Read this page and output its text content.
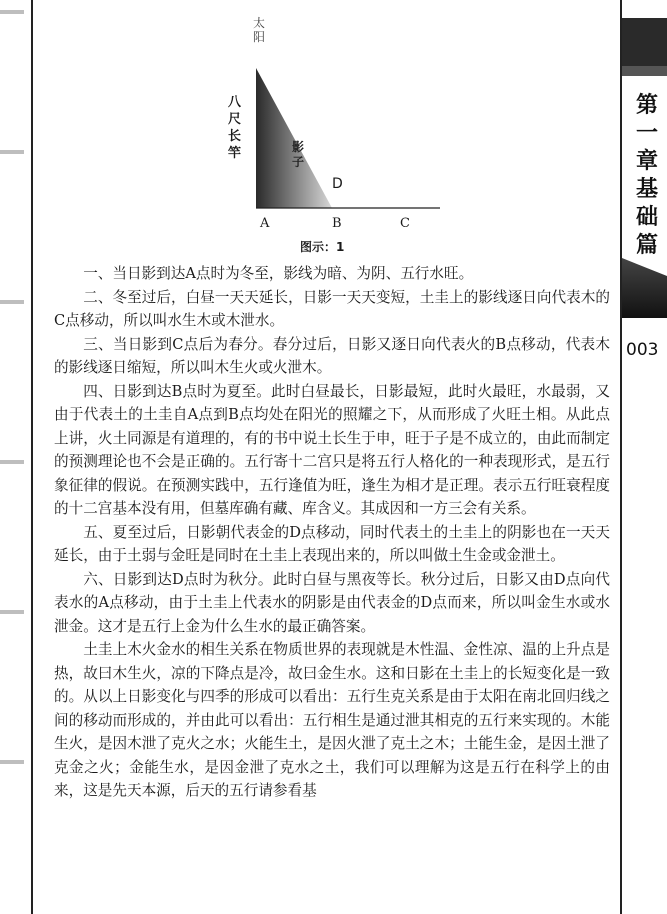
第一章 基础篇
003
太阳
八尺长竿	影子
D
A	B	C
图示：1

一、当日影到达A点时为冬至，影线为暗、为阴、五行水旺。

二、冬至过后，白昼一天天延长，日影一天天变短，土圭上的影线逐日向代表木的C点移动，所以叫水生木或木泄水。

三、当日影到C点后为春分。春分过后，日影又逐日向代表火的B点移动，代表木的影线逐日缩短，所以叫木生火或火泄木。

四、日影到达B点时为夏至。此时白昼最长，日影最短，此时火最旺，水最弱，又由于代表土的土圭自A点到B点均处在阳光的照耀之下，从而形成了火旺土相。从此点上讲，火土同源是有道理的，有的书中说土长生于申，旺于子是不成立的，由此而制定的预测理论也不会是正确的。五行寄十二宫只是将五行人格化的一种表现形式，是五行象征律的假说。在预测实践中，五行逢值为旺，逢生为相才是正理。表示五行旺衰程度的十二宫基本没有用，但墓库确有藏、库含义。其成因和一方三会有关系。

五、夏至过后，日影朝代表金的D点移动，同时代表土的土圭上的阴影也在一天天延长，由于土弱与金旺是同时在土圭上表现出来的，所以叫做土生金或金泄土。

六、日影到达D点时为秋分。此时白昼与黑夜等长。秋分过后，日影又由D点向代表水的A点移动，由于土圭上代表水的阴影是由代表金的D点而来，所以叫金生水或水泄金。这才是五行上金为什么生水的最正确答案。

土圭上木火金水的相生关系在物质世界的表现就是木性温、金性凉、温的上升点是热，故曰木生火，凉的下降点是冷，故曰金生水。这和日影在土圭上的长短变化是一致的。从以上日影变化与四季的形成可以看出：五行生克关系是由于太阳在南北回归线之间的移动而形成的，并由此可以看出：五行相生是通过泄其相克的五行来实现的。木能生火，是因木泄了克火之水；火能生土，是因火泄了克土之木；土能生金，是因土泄了克金之火；金能生水，是因金泄了克水之土，我们可以理解为这是五行在科学上的由来，这是先天本源，后天的五行请参看基
